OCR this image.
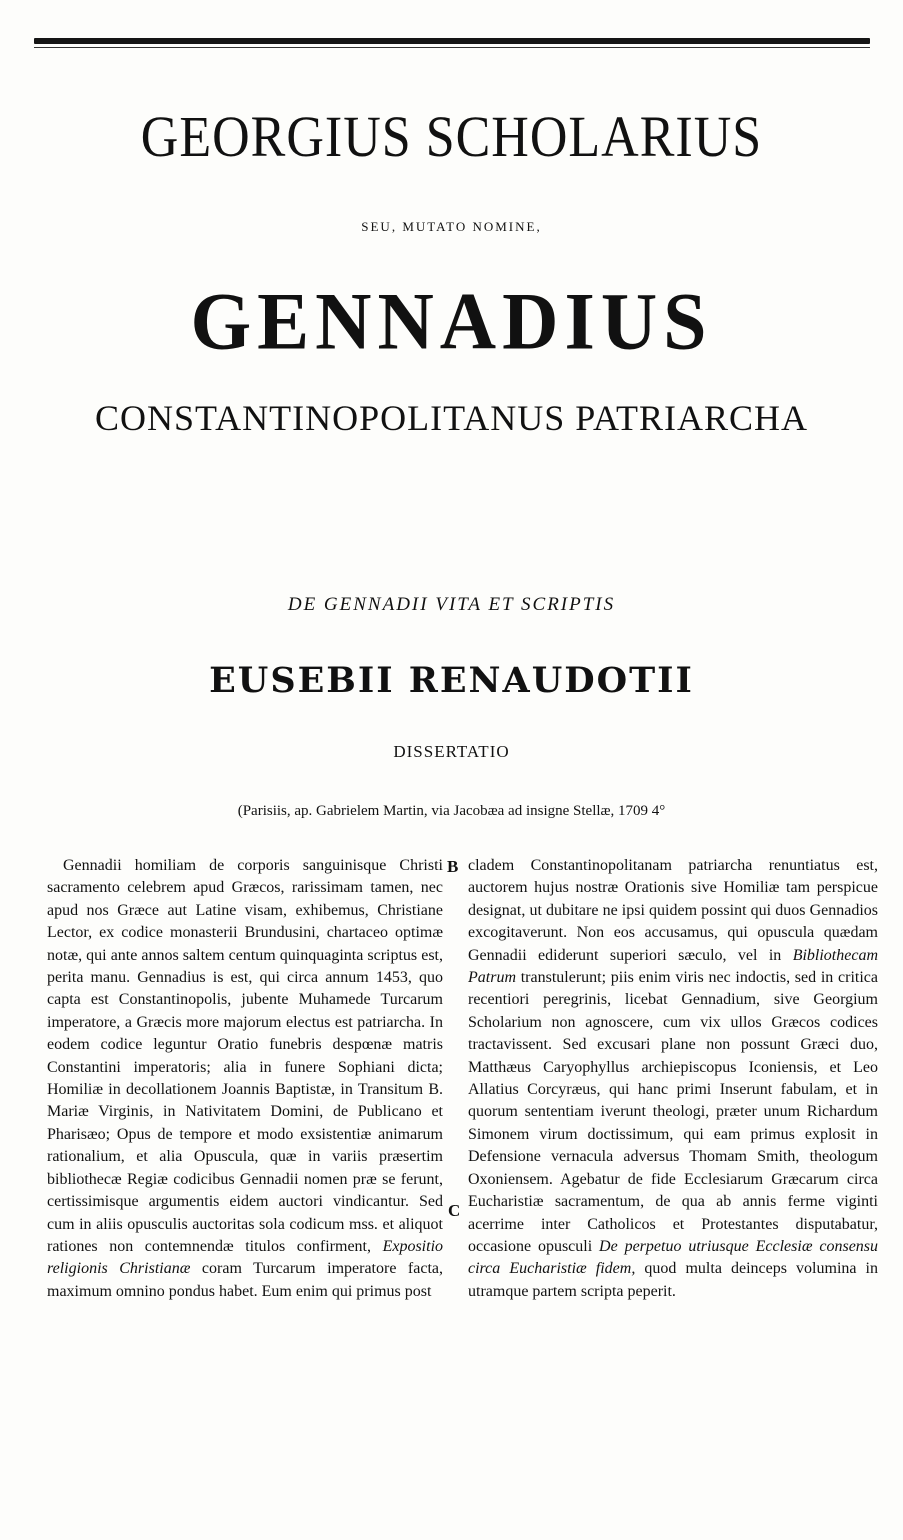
GEORGIUS SCHOLARIUS
SEU, MUTATO NOMINE,
GENNADIUS
CONSTANTINOPOLITANUS PATRIARCHA
DE GENNADII VITA ET SCRIPTIS
EUSEBII RENAUDOTII
DISSERTATIO
(Parisiis, ap. Gabrielem Martin, via Jacobæa ad insigne Stellæ, 1709 4°
B
C

Gennadii homiliam de corporis sanguinisque Christi sacramento celebrem apud Græcos, rarissimam tamen, nec apud nos Græce aut Latine visam, exhibemus, Christiane Lector, ex codice monasterii Brundusini, chartaceo optimæ notæ, qui ante annos saltem centum quinquaginta scriptus est, perita manu. Gennadius is est, qui circa annum 1453, quo capta est Constantinopolis, jubente Muhamede Turcarum imperatore, a Græcis more majorum electus est patriarcha. In eodem codice leguntur Oratio funebris despœnæ matris Constantini imperatoris; alia in funere Sophiani dicta; Homiliæ in decollationem Joannis Baptistæ, in Transitum B. Mariæ Virginis, in Nativitatem Domini, de Publicano et Pharisæo; Opus de tempore et modo exsistentiæ animarum rationalium, et alia Opuscula, quæ in variis præsertim bibliothecæ Regiæ codicibus Gennadii nomen præ se ferunt, certissimisque argumentis eidem auctori vindicantur. Sed cum in aliis opusculis auctoritas sola codicum mss. et aliquot rationes non contemnendæ titulos confirment, Expositio religionis Christianæ coram Turcarum imperatore facta, maximum omnino pondus habet. Eum enim qui primus post

cladem Constantinopolitanam patriarcha renuntiatus est, auctorem hujus nostræ Orationis sive Homiliæ tam perspicue designat, ut dubitare ne ipsi quidem possint qui duos Gennadios excogitaverunt. Non eos accusamus, qui opuscula quædam Gennadii ediderunt superiori sæculo, vel in Bibliothecam Patrum transtulerunt; piis enim viris nec indoctis, sed in critica recentiori peregrinis, licebat Gennadium, sive Georgium Scholarium non agnoscere, cum vix ullos Græcos codices tractavissent. Sed excusari plane non possunt Græci duo, Matthæus Caryophyllus archiepiscopus Iconiensis, et Leo Allatius Corcyræus, qui hanc primi Inserunt fabulam, et in quorum sententiam iverunt theologi, præter unum Richardum Simonem virum doctissimum, qui eam primus explosit in Defensione vernacula adversus Thomam Smith, theologum Oxoniensem. Agebatur de fide Ecclesiarum Græcarum circa Eucharistiæ sacramentum, de qua ab annis ferme viginti acerrime inter Catholicos et Protestantes disputabatur, occasione opusculi De perpetuo utriusque Ecclesiæ consensu circa Eucharistiæ fidem, quod multa deinceps volumina in utramque partem scripta peperit.
